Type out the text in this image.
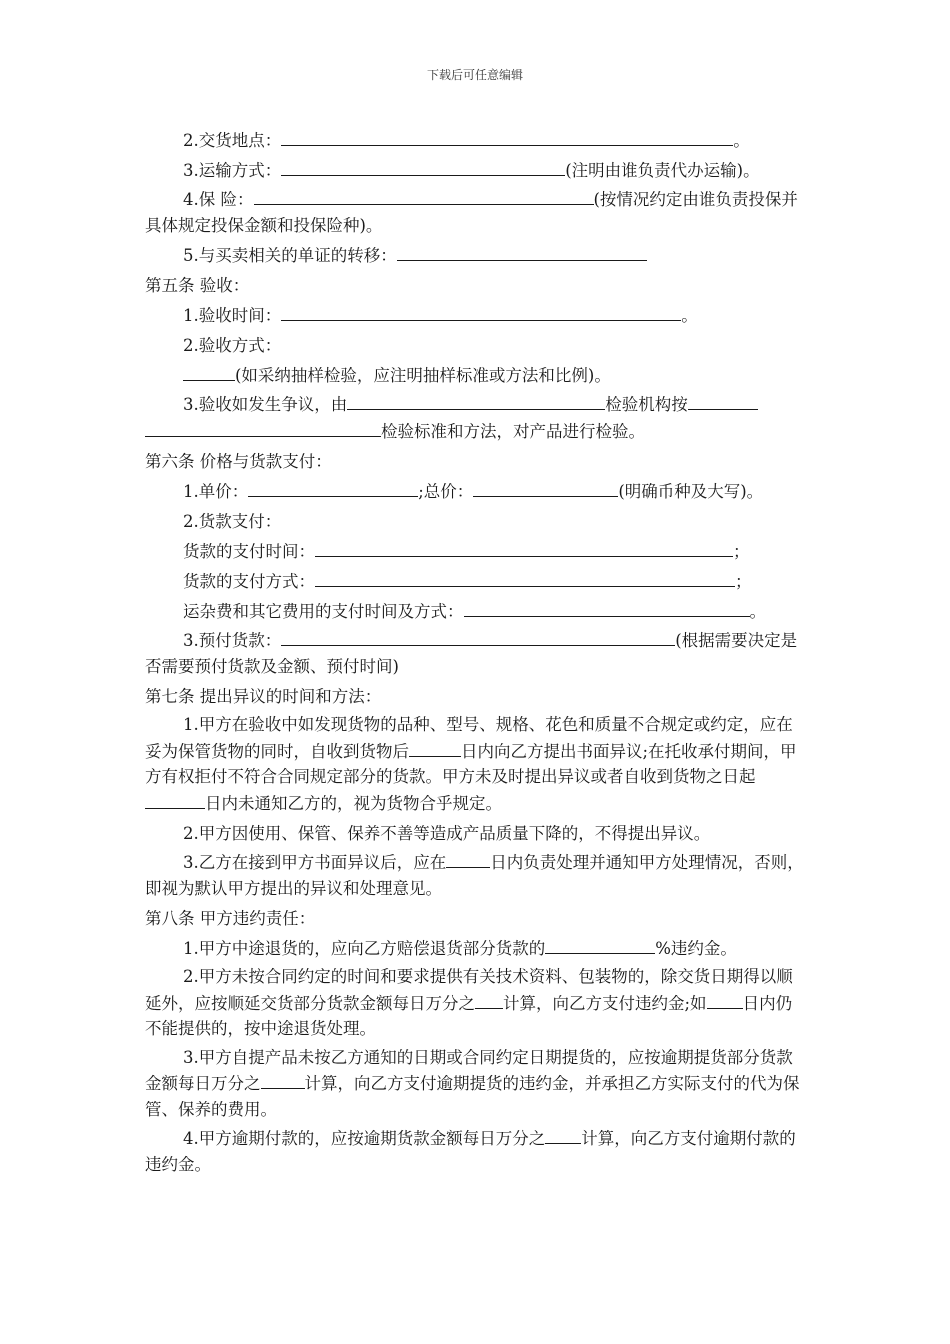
下载后可任意编辑

2.交货地点：	。

3.运输方式：	(注明由谁负责代办运输)。

4.保 险：	(按情况约定由谁负责投保并具体规定投保金额和投保险种)。

5.与买卖相关的单证的转移：

第五条 验收：

1.验收时间：	。

2.验收方式：

(如采纳抽样检验，应注明抽样标准或方法和比例)。

3.验收如发生争议，由	检验机构按检验标准和方法，对产品进行检验。

第六条 价格与货款支付：

1.单价：	;总价：	(明确币种及大写)。

2.货款支付：

货款的支付时间：	；

货款的支付方式：	；

运杂费和其它费用的支付时间及方式：	。

3.预付货款：	(根据需要决定是否需要预付货款及金额、预付时间)

第七条 提出异议的时间和方法：

1.甲方在验收中如发现货物的品种、型号、规格、花色和质量不合规定或约定，应在妥为保管货物的同时，自收到货物后	日内向乙方提出书面异议;在托收承付期间，甲方有权拒付不符合合同规定部分的货款。甲方未及时提出异议或者自收到货物之日起日内未通知乙方的，视为货物合乎规定。

2.甲方因使用、保管、保养不善等造成产品质量下降的，不得提出异议。

3.乙方在接到甲方书面异议后，应在	日内负责处理并通知甲方处理情况，否则，即视为默认甲方提出的异议和处理意见。

第八条 甲方违约责任：

1.甲方中途退货的，应向乙方赔偿退货部分货款的	%违约金。

2.甲方未按合同约定的时间和要求提供有关技术资料、包装物的，除交货日期得以顺延外，应按顺延交货部分货款金额每日万分之 计算，向乙方支付违约金;如 日内仍不能提供的，按中途退货处理。

3.甲方自提产品未按乙方通知的日期或合同约定日期提货的，应按逾期提货部分货款金额每日万分之	计算，向乙方支付逾期提货的违约金，并承担乙方实际支付的代为保管、保养的费用。

4.甲方逾期付款的，应按逾期货款金额每日万分之 计算，向乙方支付逾期付款的违约金。
